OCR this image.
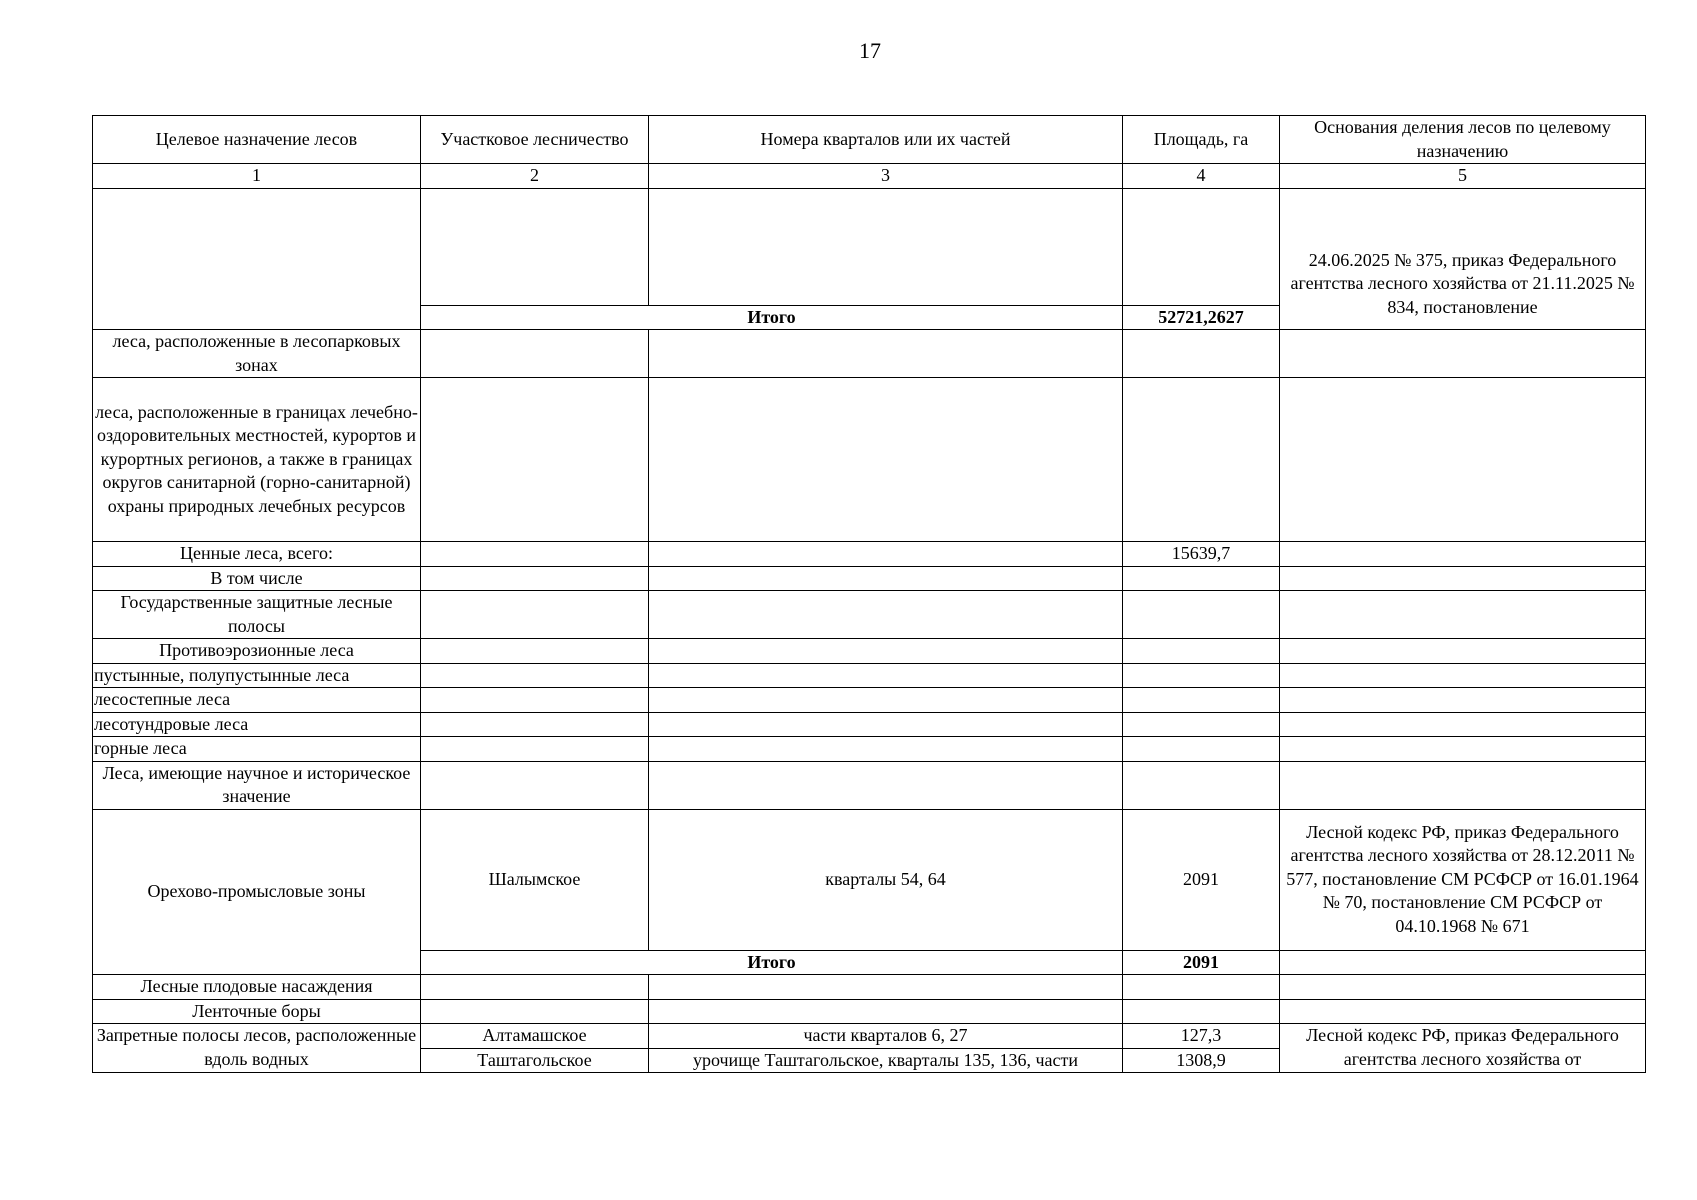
17
Целевое назначение лесов	Участковое лесничество	Номера кварталов или их частей	Площадь, га	Основания деления лесов по целевому назначению
1	2	3	4	5

				24.06.2025 № 375, приказ Федерального агентства лесного хозяйства от 21.11.2025 № 834, постановление

	Итого		52721,2627	
леса, расположенные в лесопарковых зонах				
леса, расположенные в границах лечебно-оздоровительных местностей, курортов и курортных регионов, а также в границах округов санитарной (горно-санитарной) охраны природных лечебных ресурсов				
Ценные леса, всего:			15639,7	
В том числе				
Государственные защитные лесные полосы				
Противоэрозионные леса				
пустынные, полупустынные леса				
лесостепные леса				
лесотундровые леса				
горные леса				
Леса, имеющие научное и историческое значение				
Орехово-промысловые зоны	Шалымское	кварталы 54, 64	2091	Лесной кодекс РФ, приказ Федерального агентства лесного хозяйства от 28.12.2011 № 577, постановление СМ РСФСР от 16.01.1964 № 70, постановление СМ РСФСР от 04.10.1968 № 671
	Итого		2091	
Лесные плодовые насаждения				
Ленточные боры				

Запретные полосы лесов, расположенные вдоль водных	Алтамашское	части кварталов 6, 27	127,3	Лесной кодекс РФ, приказ Федерального агентства лесного хозяйства от

	Таштагольское	урочище Таштагольское, кварталы 135, 136, части	1308,9	
